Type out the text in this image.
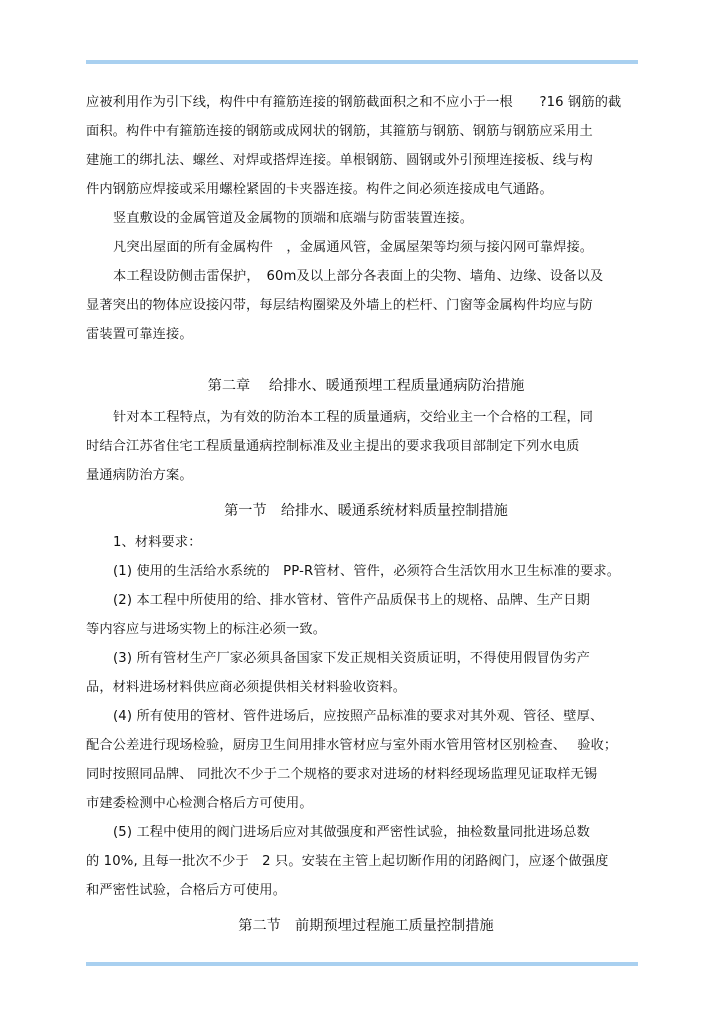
应被利用作为引下线，构件中有箍筋连接的钢筋截面积之和不应小于一根　　?16 钢筋的截
面积。构件中有箍筋连接的钢筋或成网状的钢筋，其箍筋与钢筋、钢筋与钢筋应采用土
建施工的绑扎法、螺丝、对焊或搭焊连接。单根钢筋、圆钢或外引预埋连接板、线与构
件内钢筋应焊接或采用螺栓紧固的卡夹器连接。构件之间必须连接成电气通路。
竖直敷设的金属管道及金属物的顶端和底端与防雷装置连接。
凡突出屋面的所有金属构件　，金属通风管，金属屋架等均须与接闪网可靠焊接。
本工程设防侧击雷保护，　60m及以上部分各表面上的尖物、墙角、边缘、设备以及
显著突出的物体应设接闪带，每层结构圈梁及外墙上的栏杆、门窗等金属构件均应与防
雷装置可靠连接。
第二章　 给排水、暖通预埋工程质量通病防治措施
针对本工程特点，为有效的防治本工程的质量通病，交给业主一个合格的工程，同
时结合江苏省住宅工程质量通病控制标准及业主提出的要求我项目部制定下列水电质
量通病防治方案。
第一节　给排水、暖通系统材料质量控制措施
1、材料要求：
(1) 使用的生活给水系统的　PP-R管材、管件，必须符合生活饮用水卫生标准的要求。
(2) 本工程中所使用的给、排水管材、管件产品质保书上的规格、品牌、生产日期
等内容应与进场实物上的标注必须一致。
(3) 所有管材生产厂家必须具备国家下发正规相关资质证明，不得使用假冒伪劣产
品，材料进场材料供应商必须提供相关材料验收资料。
(4) 所有使用的管材、管件进场后，应按照产品标准的要求对其外观、管径、壁厚、
配合公差进行现场检验，厨房卫生间用排水管材应与室外雨水管用管材区别检查、　 验收；
同时按照同品牌、 同批次不少于二个规格的要求对进场的材料经现场监理见证取样无锡
市建委检测中心检测合格后方可使用。
(5) 工程中使用的阀门进场后应对其做强度和严密性试验，抽检数量同批进场总数
的 10%, 且每一批次不少于　2 只。安装在主管上起切断作用的闭路阀门，应逐个做强度
和严密性试验，合格后方可使用。
第二节　前期预埋过程施工质量控制措施
